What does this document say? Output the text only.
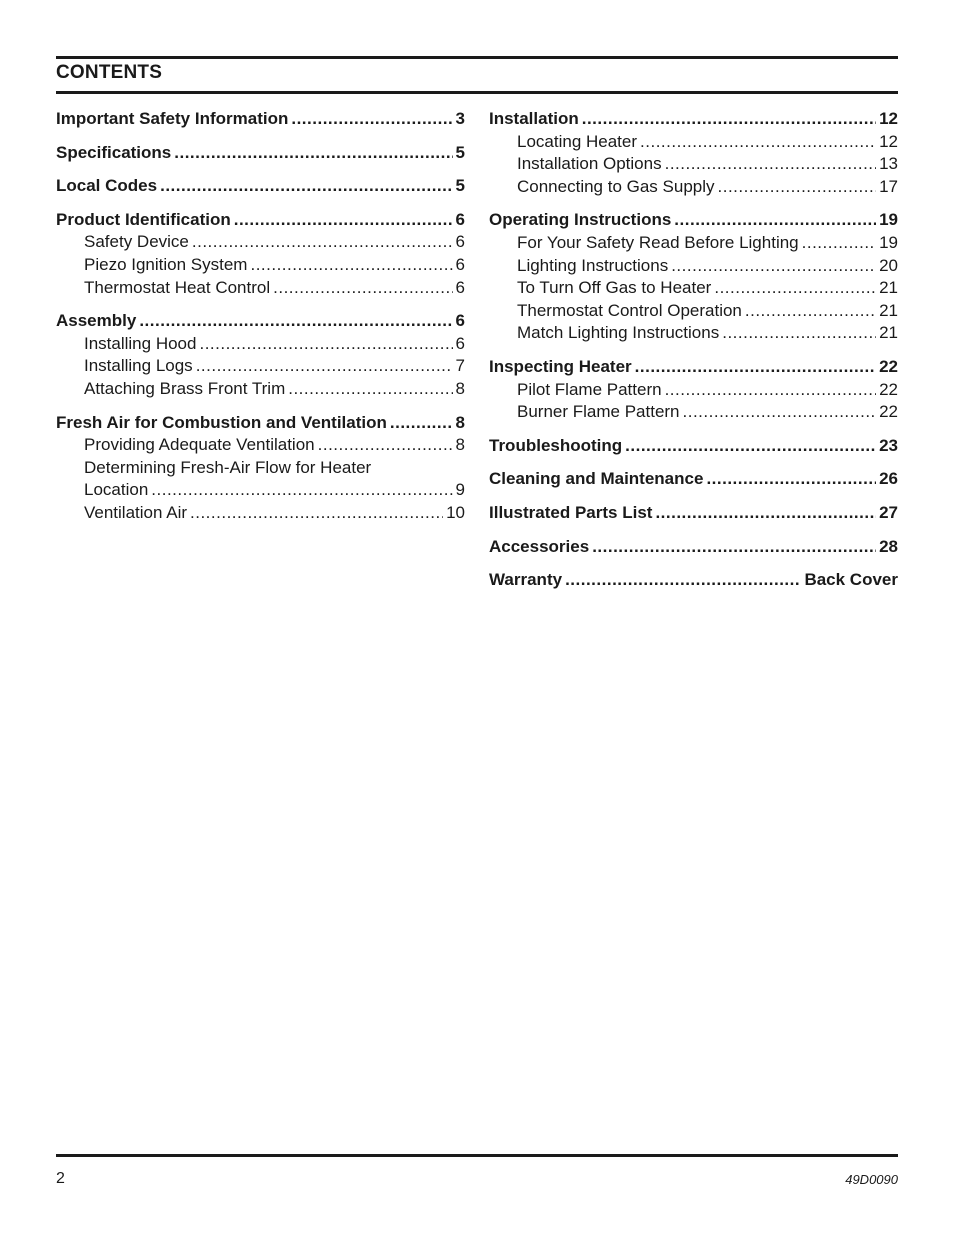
CONTENTS
Important Safety Information .....	3
Specifications .....	5
Local Codes .....	5
Product Identification .....	6
Safety Device .....	6
Piezo Ignition System .....	6
Thermostat Heat Control .....	6
Assembly .....	6
Installing Hood .....	6
Installing Logs .....	7
Attaching Brass Front Trim .....	8
Fresh Air for Combustion and Ventilation .....	8
Providing Adequate Ventilation .....	8
Determining Fresh-Air Flow for Heater
Location .....	9
Ventilation Air .....	10
Installation .....	12
Locating Heater .....	12
Installation Options .....	13
Connecting to Gas Supply .....	17
Operating Instructions .....	19
For Your Safety Read Before Lighting .....	19
Lighting Instructions .....	20
To Turn Off Gas to Heater .....	21
Thermostat Control Operation .....	21
Match Lighting Instructions .....	21
Inspecting Heater .....	22
Pilot Flame Pattern .....	22
Burner Flame Pattern .....	22
Troubleshooting .....	23
Cleaning and Maintenance .....	26
Illustrated Parts List .....	27
Accessories .....	28
Warranty .....	Back Cover
2	49D0090
